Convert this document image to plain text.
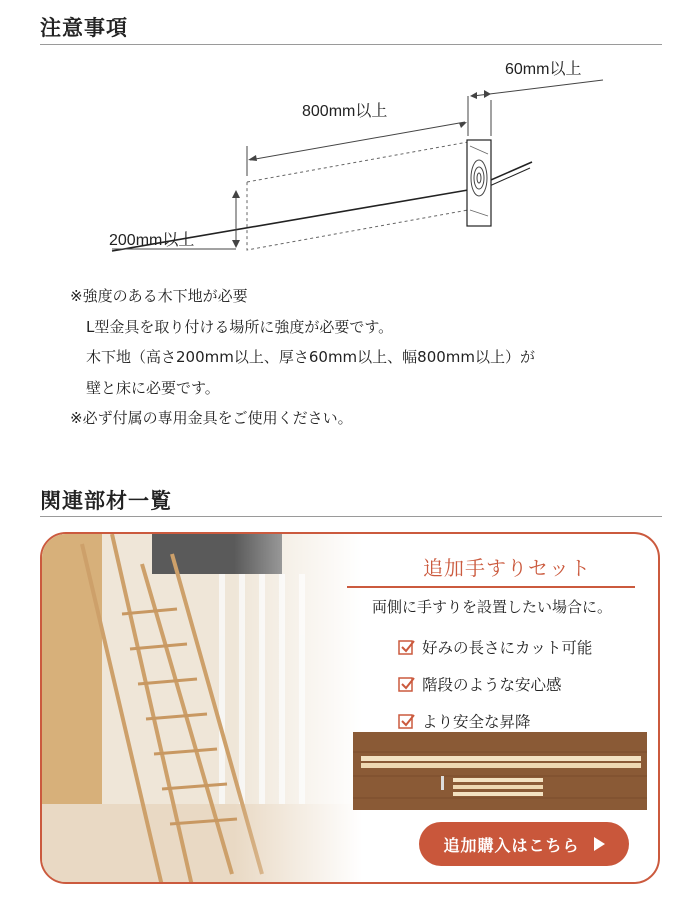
注意事項
800mm以上
60mm以上
200mm以上
※強度のある木下地が必要
L型金具を取り付ける場所に強度が必要です。
木下地（高さ200mm以上、厚さ60mm以上、幅800mm以上）が
壁と床に必要です。
※必ず付属の専用金具をご使用ください。
関連部材一覧
追加手すりセット
両側に手すりを設置したい場合に。
好みの長さにカット可能
階段のような安心感
より安全な昇降
追加購入はこちら
